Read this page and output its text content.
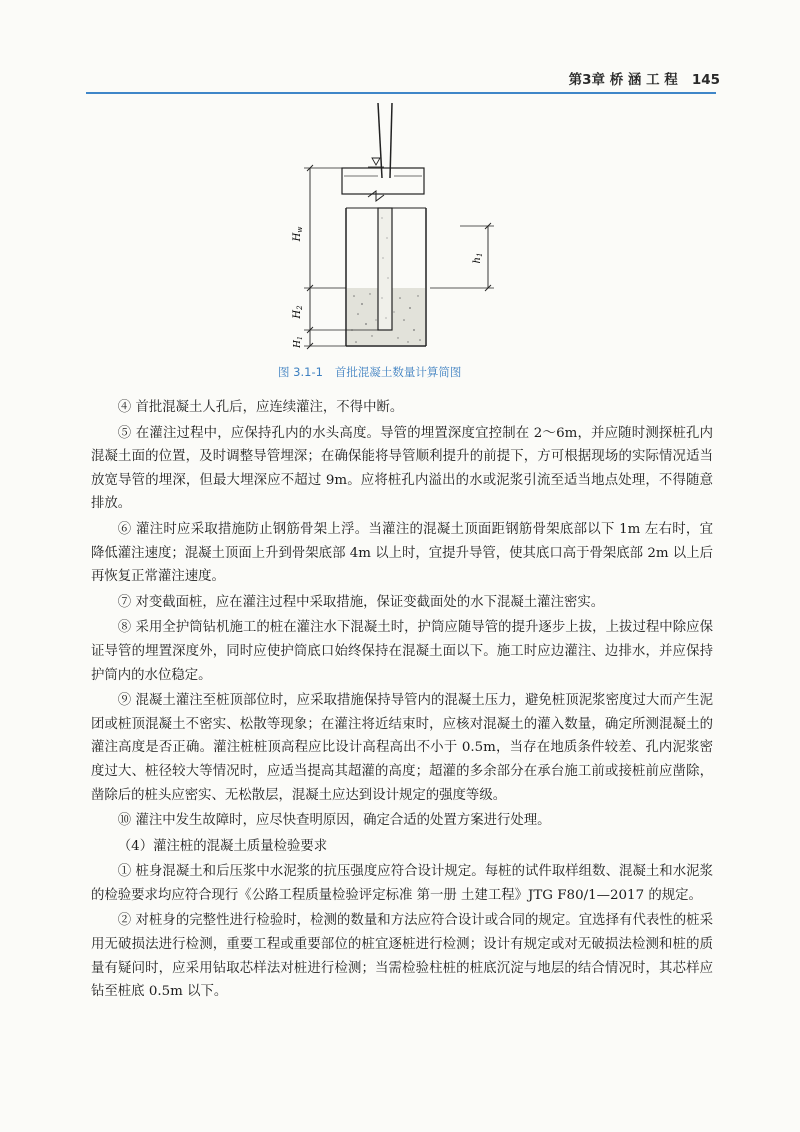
第3章 桥 涵 工 程 145
$H_w$
$H_2$
$H_1$
$h_1$
图 3.1-1 首批混凝土数量计算简图

④ 首批混凝土人孔后，应连续灌注，不得中断。

⑤ 在灌注过程中，应保持孔内的水头高度。导管的埋置深度宜控制在 2～6m，并应随时测探桩孔内混凝土面的位置，及时调整导管埋深；在确保能将导管顺利提升的前提下，方可根据现场的实际情况适当放宽导管的埋深，但最大埋深应不超过 9m。应将桩孔内溢出的水或泥浆引流至适当地点处理，不得随意排放。

⑥ 灌注时应采取措施防止钢筋骨架上浮。当灌注的混凝土顶面距钢筋骨架底部以下 1m 左右时，宜降低灌注速度；混凝土顶面上升到骨架底部 4m 以上时，宜提升导管，使其底口高于骨架底部 2m 以上后再恢复正常灌注速度。

⑦ 对变截面桩，应在灌注过程中采取措施，保证变截面处的水下混凝土灌注密实。

⑧ 采用全护筒钻机施工的桩在灌注水下混凝土时，护筒应随导管的提升逐步上拔，上拔过程中除应保证导管的埋置深度外，同时应使护筒底口始终保持在混凝土面以下。施工时应边灌注、边排水，并应保持护筒内的水位稳定。

⑨ 混凝土灌注至桩顶部位时，应采取措施保持导管内的混凝土压力，避免桩顶泥浆密度过大而产生泥团或桩顶混凝土不密实、松散等现象；在灌注将近结束时，应核对混凝土的灌入数量，确定所测混凝土的灌注高度是否正确。灌注桩桩顶高程应比设计高程高出不小于 0.5m，当存在地质条件较差、孔内泥浆密度过大、桩径较大等情况时，应适当提高其超灌的高度；超灌的多余部分在承台施工前或接桩前应凿除，凿除后的桩头应密实、无松散层，混凝土应达到设计规定的强度等级。

⑩ 灌注中发生故障时，应尽快查明原因，确定合适的处置方案进行处理。

（4）灌注桩的混凝土质量检验要求

① 桩身混凝土和后压浆中水泥浆的抗压强度应符合设计规定。每桩的试件取样组数、混凝土和水泥浆的检验要求均应符合现行《公路工程质量检验评定标准 第一册 土建工程》JTG F80/1—2017 的规定。

② 对桩身的完整性进行检验时，检测的数量和方法应符合设计或合同的规定。宜选择有代表性的桩采用无破损法进行检测，重要工程或重要部位的桩宜逐桩进行检测；设计有规定或对无破损法检测和桩的质量有疑问时，应采用钻取芯样法对桩进行检测；当需检验柱桩的桩底沉淀与地层的结合情况时，其芯样应钻至桩底 0.5m 以下。
